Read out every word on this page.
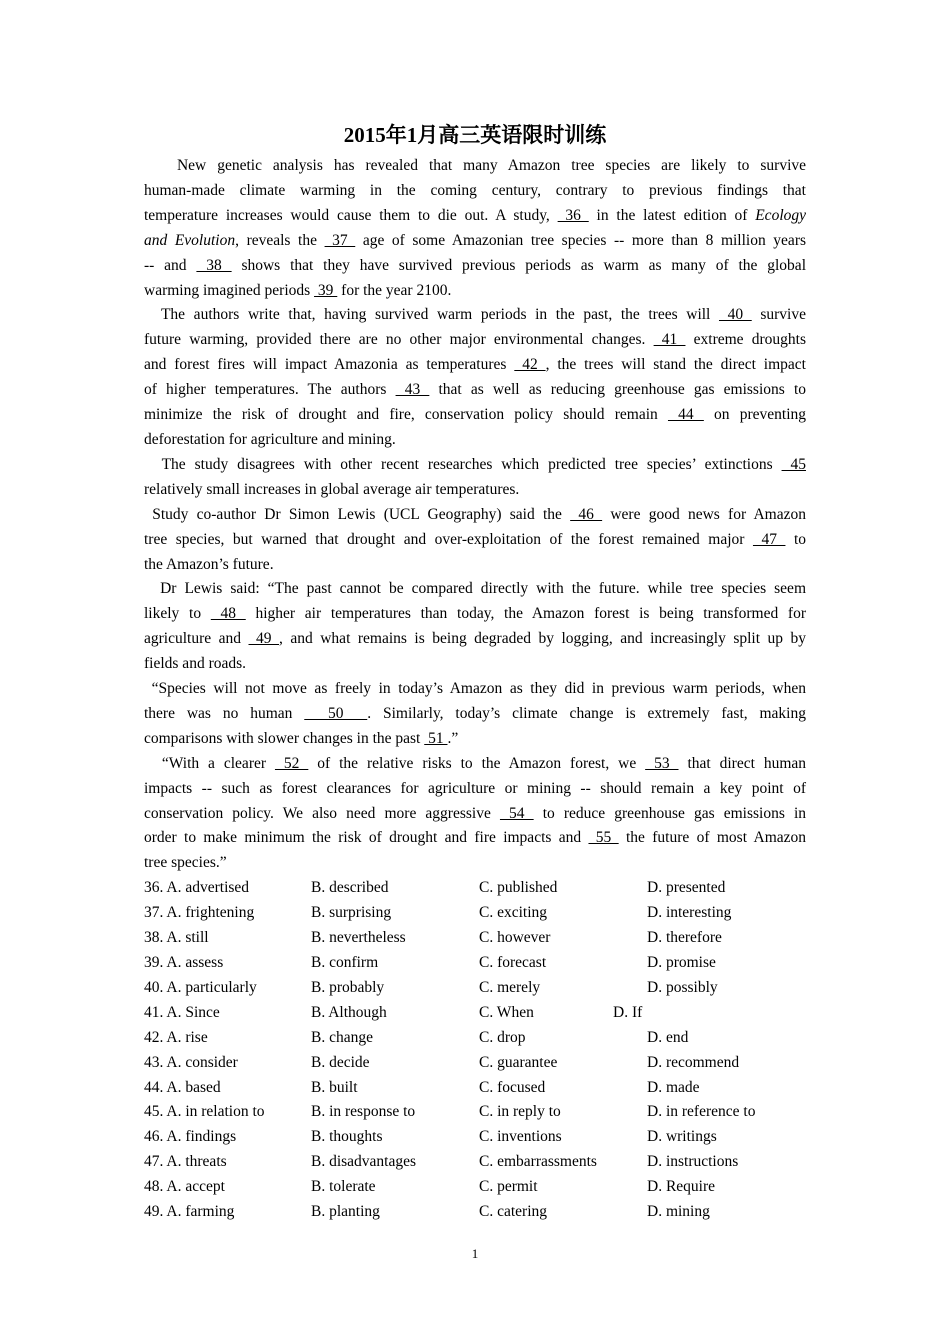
2015年1月高三英语限时训练
New genetic analysis has revealed that many Amazon tree species are likely to survive
human-made climate warming in the coming century, contrary to previous findings that
temperature increases would cause them to die out. A study,  36  in the latest edition of Ecology
and Evolution, reveals the  37  age of some Amazonian tree species -- more than 8 million years
-- and  38  shows that they have survived previous periods as warm as many of the global
warming imagined periods  39  for the year 2100.
The authors write that, having survived warm periods in the past, the trees will  40  survive
future warming, provided there are no other major environmental changes.  41  extreme droughts
and forest fires will impact Amazonia as temperatures  42 , the trees will stand the direct impact
of higher temperatures. The authors  43  that as well as reducing greenhouse gas emissions to
minimize the risk of drought and fire, conservation policy should remain  44  on preventing
deforestation for agriculture and mining.
The study disagrees with other recent researches which predicted tree species’ extinctions  45
relatively small increases in global average air temperatures.
Study co-author Dr Simon Lewis (UCL Geography) said the  46  were good news for Amazon
tree species, but warned that drought and over-exploitation of the forest remained major  47  to
the Amazon’s future.
Dr Lewis said: “The past cannot be compared directly with the future. while tree species seem
likely to  48  higher air temperatures than today, the Amazon forest is being transformed for
agriculture and  49 , and what remains is being degraded by logging, and increasingly split up by
fields and roads.
“Species will not move as freely in today’s Amazon as they did in previous warm periods, when
there was no human   50  . Similarly, today’s climate change is extremely fast, making
comparisons with slower changes in the past  51 .”
“With a clearer  52  of the relative risks to the Amazon forest, we  53  that direct human
impacts -- such as forest clearances for agriculture or mining -- should remain a key point of
conservation policy. We also need more aggressive  54  to reduce greenhouse gas emissions in
order to make minimum the risk of drought and fire impacts and  55  the future of most Amazon
tree species.”
36. A. advertised	B. described	C. published	D. presented
37. A. frightening	B. surprising	C. exciting	D. interesting
38. A. still	B. nevertheless	C. however	D. therefore
39. A. assess	B. confirm	C. forecast	D. promise
40. A. particularly	B. probably	C. merely	D. possibly
41. A. Since	B. Although	C. When	D. If
42. A. rise	B. change	C. drop	D. end
43. A. consider	B. decide	C. guarantee	D. recommend
44. A. based	B. built	C. focused	D. made
45. A. in relation to	B. in response to	C. in reply to	D. in reference to
46. A. findings	B. thoughts	C. inventions	D. writings
47. A. threats	B. disadvantages	C. embarrassments	D. instructions
48. A. accept	B. tolerate	C. permit	D. Require
49. A. farming	B. planting	C. catering	D. mining
1
